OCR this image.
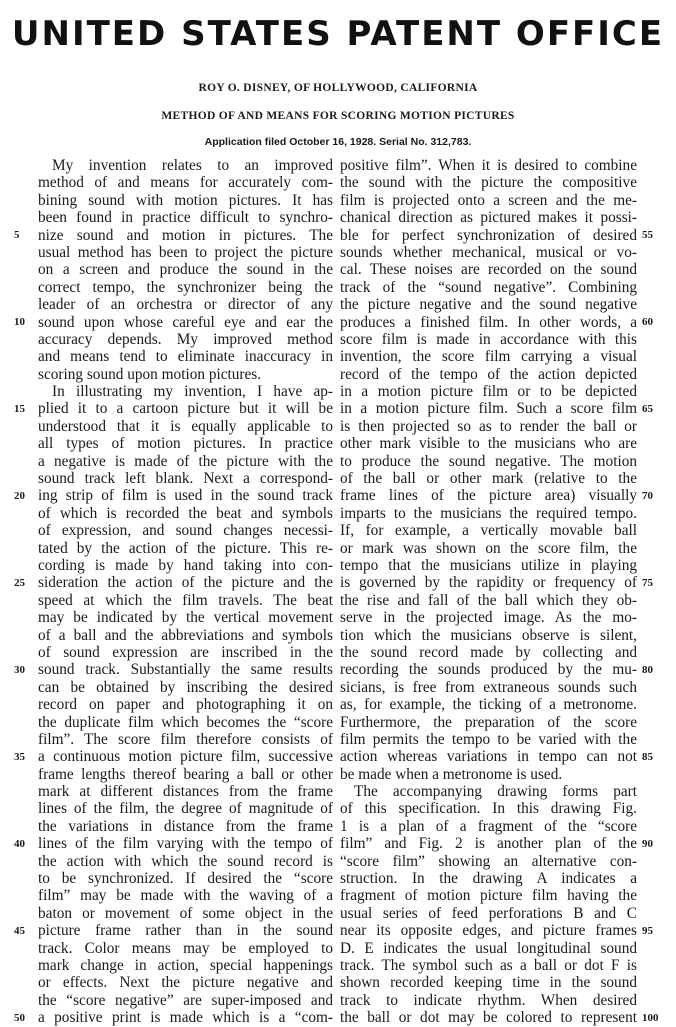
UNITED STATES PATENT OFFICE
ROY O. DISNEY, OF HOLLYWOOD, CALIFORNIA
METHOD OF AND MEANS FOR SCORING MOTION PICTURES
Application filed October 16, 1928. Serial No. 312,783.
My invention relates to an improved
method of and means for accurately com-
bining sound with motion pictures. It has
been found in practice difficult to synchro-
nize sound and motion in pictures. The
usual method has been to project the picture
on a screen and produce the sound in the
correct tempo, the synchronizer being the
leader of an orchestra or director of any
sound upon whose careful eye and ear the
accuracy depends. My improved method
and means tend to eliminate inaccuracy in
scoring sound upon motion pictures.
In illustrating my invention, I have ap-
plied it to a cartoon picture but it will be
understood that it is equally applicable to
all types of motion pictures. In practice
a negative is made of the picture with the
sound track left blank. Next a correspond-
ing strip of film is used in the sound track
of which is recorded the beat and symbols
of expression, and sound changes necessi-
tated by the action of the picture. This re-
cording is made by hand taking into con-
sideration the action of the picture and the
speed at which the film travels. The beat
may be indicated by the vertical movement
of a ball and the abbreviations and symbols
of sound expression are inscribed in the
sound track. Substantially the same results
can be obtained by inscribing the desired
record on paper and photographing it on
the duplicate film which becomes the “score
film”. The score film therefore consists of
a continuous motion picture film, successive
frame lengths thereof bearing a ball or other
mark at different distances from the frame
lines of the film, the degree of magnitude of
the variations in distance from the frame
lines of the film varying with the tempo of
the action with which the sound record is
to be synchronized. If desired the “score
film” may be made with the waving of a
baton or movement of some object in the
picture frame rather than in the sound
track. Color means may be employed to
mark change in action, special happenings
or effects. Next the picture negative and
the “score negative” are super-imposed and
a positive print is made which is a “com-
positive film”. When it is desired to combine
the sound with the picture the compositive
film is projected onto a screen and the me-
chanical direction as pictured makes it possi-
ble for perfect synchronization of desired
sounds whether mechanical, musical or vo-
cal. These noises are recorded on the sound
track of the “sound negative”. Combining
the picture negative and the sound negative
produces a finished film. In other words, a
score film is made in accordance with this
invention, the score film carrying a visual
record of the tempo of the action depicted
in a motion picture film or to be depicted
in a motion picture film. Such a score film
is then projected so as to render the ball or
other mark visible to the musicians who are
to produce the sound negative. The motion
of the ball or other mark (relative to the
frame lines of the picture area) visually
imparts to the musicians the required tempo.
If, for example, a vertically movable ball
or mark was shown on the score film, the
tempo that the musicians utilize in playing
is governed by the rapidity or frequency of
the rise and fall of the ball which they ob-
serve in the projected image. As the mo-
tion which the musicians observe is silent,
the sound record made by collecting and
recording the sounds produced by the mu-
sicians, is free from extraneous sounds such
as, for example, the ticking of a metronome.
Furthermore, the preparation of the score
film permits the tempo to be varied with the
action whereas variations in tempo can not
be made when a metronome is used.
The accompanying drawing forms part
of this specification. In this drawing Fig.
1 is a plan of a fragment of the “score
film” and Fig. 2 is another plan of the
“score film” showing an alternative con-
struction. In the drawing A indicates a
fragment of motion picture film having the
usual series of feed perforations B and C
near its opposite edges, and picture frames
D. E indicates the usual longitudinal sound
track. The symbol such as a ball or dot F is
shown recorded keeping time in the sound
track to indicate rhythm. When desired
the ball or dot may be colored to represent
5
10
15
20
25
30
35
40
45
50
55
60
65
70
75
80
85
90
95
100
